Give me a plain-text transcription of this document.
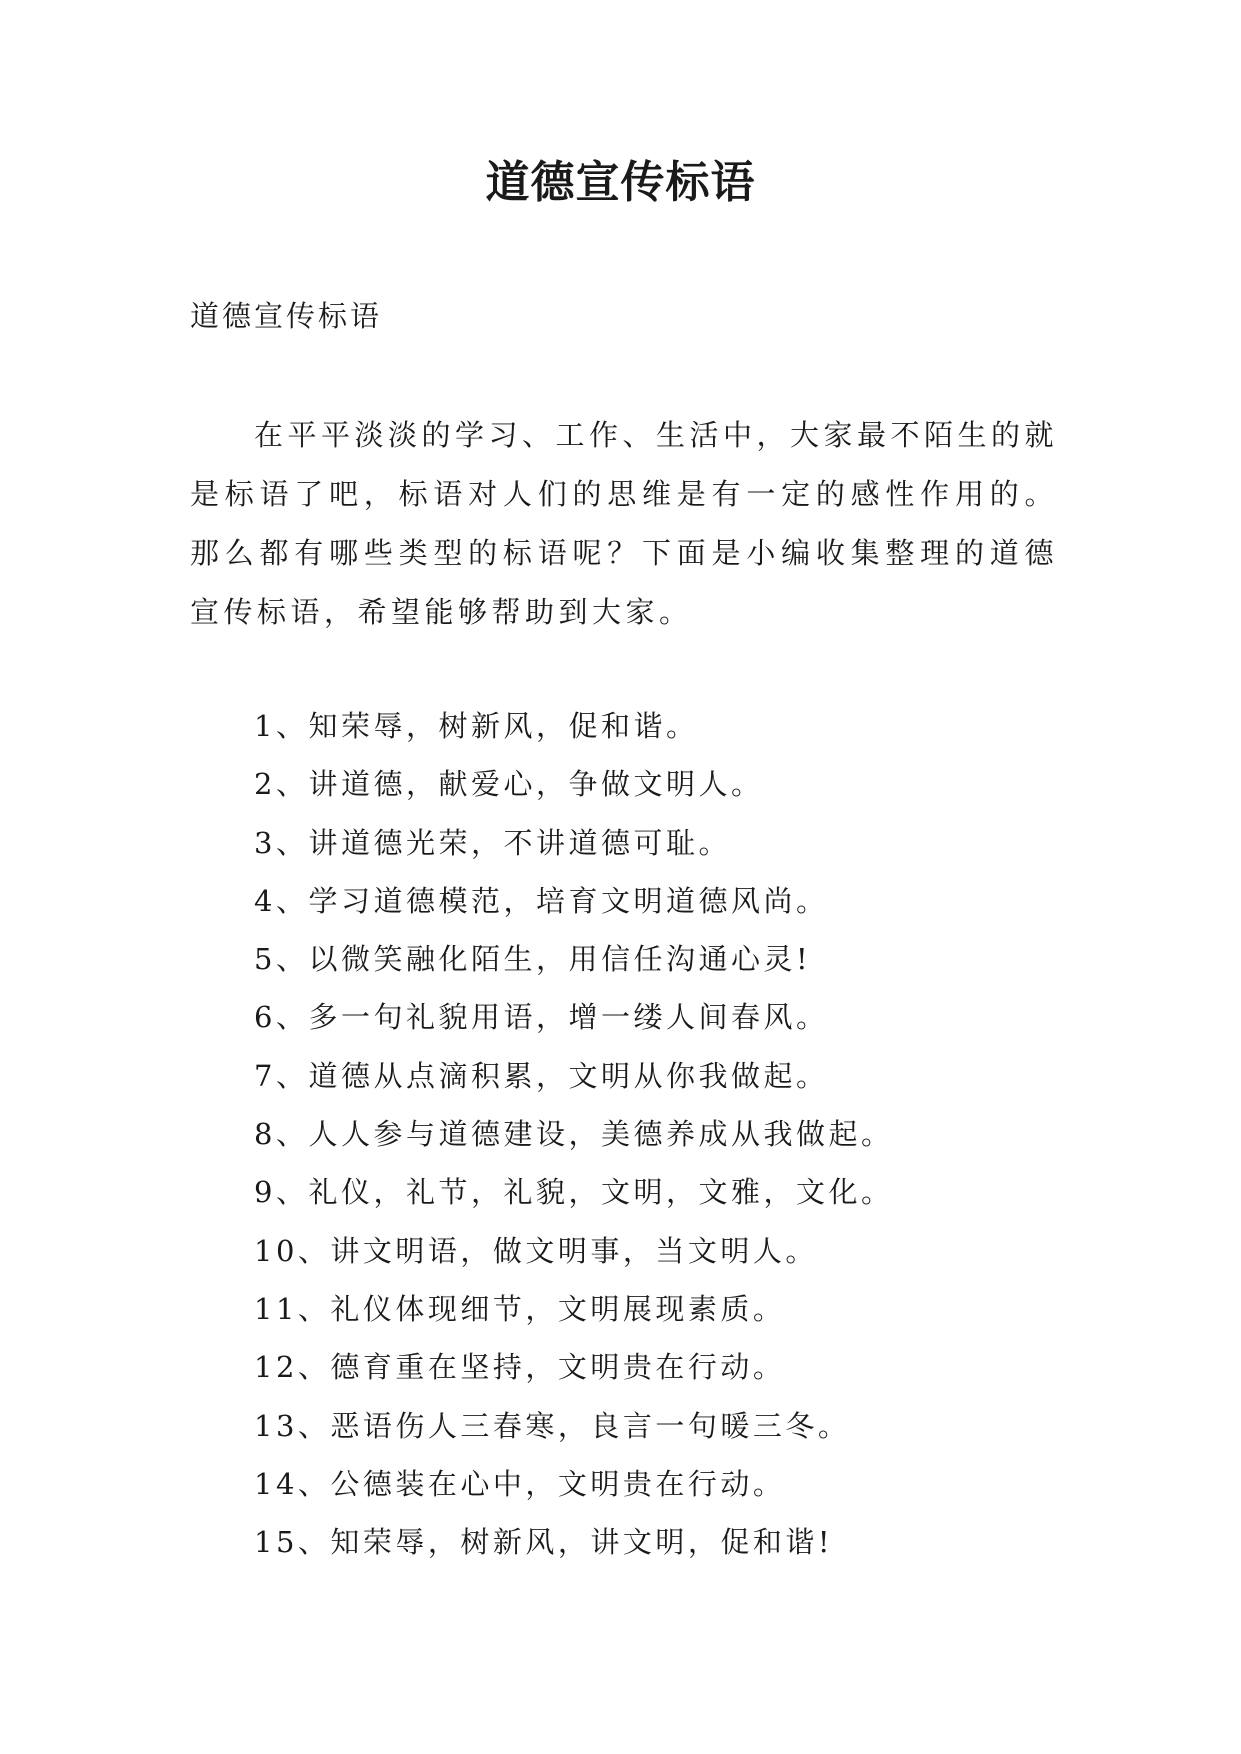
道德宣传标语
道德宣传标语

在平平淡淡的学习、工作、生活中，大家最不陌生的就是标语了吧，标语对人们的思维是有一定的感性作用的。那么都有哪些类型的标语呢？下面是小编收集整理的道德宣传标语，希望能够帮助到大家。

1、知荣辱，树新风，促和谐。
2、讲道德，献爱心，争做文明人。
3、讲道德光荣，不讲道德可耻。
4、学习道德模范，培育文明道德风尚。
5、以微笑融化陌生，用信任沟通心灵!
6、多一句礼貌用语，增一缕人间春风。
7、道德从点滴积累，文明从你我做起。
8、人人参与道德建设，美德养成从我做起。
9、礼仪，礼节，礼貌，文明，文雅，文化。
10、讲文明语，做文明事，当文明人。
11、礼仪体现细节，文明展现素质。
12、德育重在坚持，文明贵在行动。
13、恶语伤人三春寒，良言一句暖三冬。
14、公德装在心中，文明贵在行动。
15、知荣辱，树新风，讲文明，促和谐!
